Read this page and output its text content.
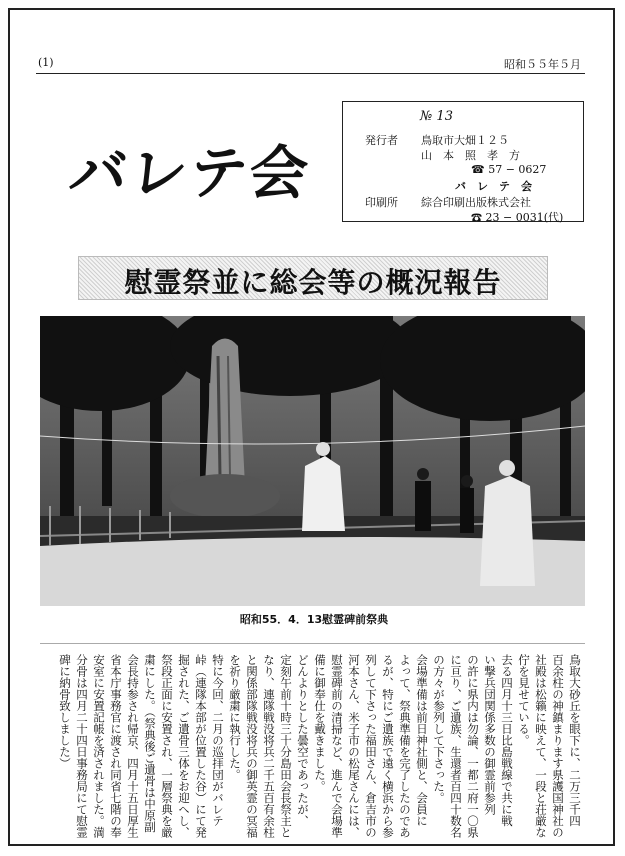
(1)	昭和５５年５月
バレテ会
№ 13
発行者 鳥取市大畑１２５
山　本　照　孝　方
☎ 57 − 0627
バ　レ　テ　会
印刷所 綜合印刷出版株式会社
☎ 23 − 0031(代)
慰霊祭並に総会等の概況報告
昭和55．4．13慰霊碑前祭典
鳥取大砂丘を眼下に、二万三千四
百余柱の神鎮まります県護国神社の
社殿は松籟に映えて、一段と荘厳な
佇を見せている。
去る四月十三日比島戦線で共に戦
い撃兵団関係多数の御霊前参列
の許に県内は勿論、一都二府一〇県
に亘り、ご遺族、生還者百四十数名
の方々が参列して下さった。
会場準備は前日神社側と、会員に
よって、祭典準備を完了したのであ
るが、特にご遺族で遠く横浜から参
列して下さった福田さん、倉吉市の
河本さん、米子市の松尾さんには、
慰霊碑前の清掃など、進んで会場準
備に御奉仕を戴きました。
どんよりとした曇空であったが、
定刻午前十時三十分島田会長祭主と
なり、連隊戦没将兵二千五百有余柱
と関係部隊戦没将兵の御英霊の冥福
を祈り厳粛に執行した。
特に今回、二月の巡拝団がバレテ
峠（連隊本部が位置した谷）にて発
掘された、ご遺骨三体をお迎へし、
祭段正面に安置され、一層祭典を厳
粛にした。（祭典後ご遺骨は中原副
会長持参され帰京、四月十五日厚生
省本庁事務官に渡され同省七階の奉
安室に安置記帳を済されました。満
分骨は四月二十四日事務局にて慰霊
碑に納骨致しました）
